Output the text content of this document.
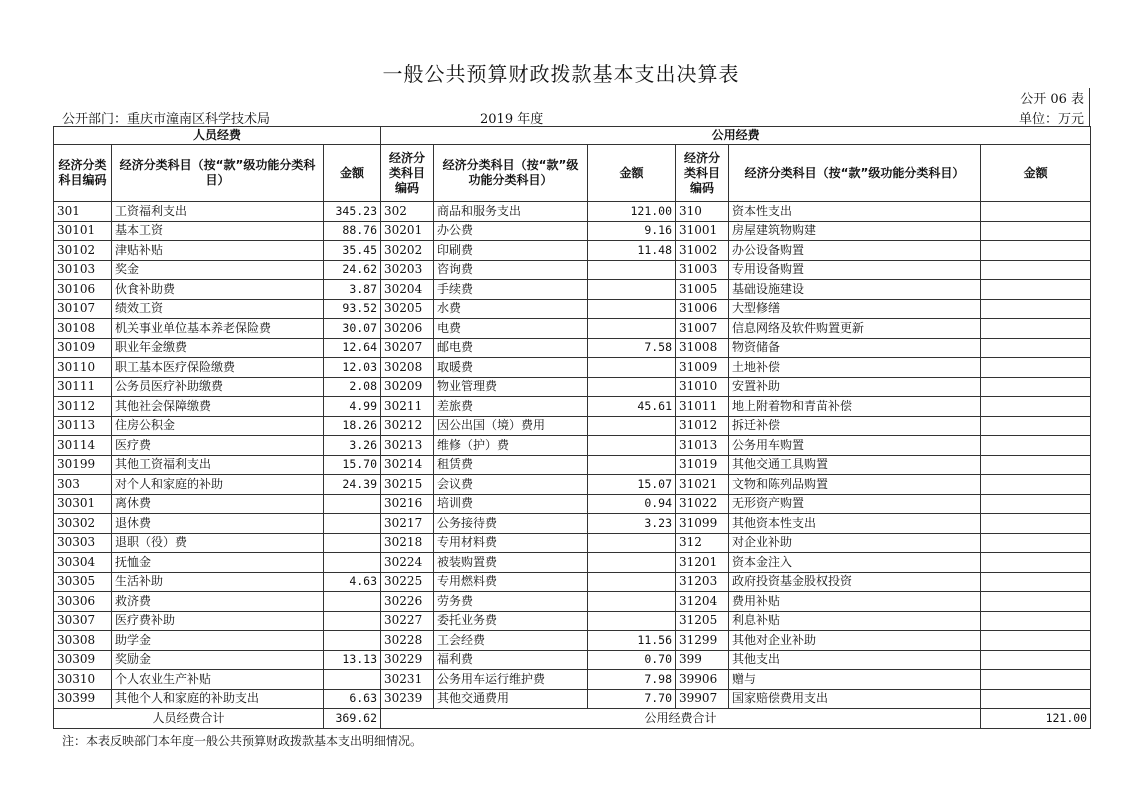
一般公共预算财政拨款基本支出决算表
公开 06 表
公开部门：重庆市潼南区科学技术局	2019 年度	单位：万元
人员经费			公用经费					
经济分类科目编码	经济分类科目（按“款”级功能分类科目）	金额	经济分类科目编码	经济分类科目（按“款”级功能分类科目）	金额	经济分类科目编码	经济分类科目（按“款”级功能分类科目）	金额
301	工资福利支出	345.23	302	商品和服务支出	121.00	310	资本性支出	
30101	基本工资	88.76	30201	办公费	9.16	31001	房屋建筑物购建	
30102	津贴补贴	35.45	30202	印刷费	11.48	31002	办公设备购置	
30103	奖金	24.62	30203	咨询费		31003	专用设备购置	
30106	伙食补助费	3.87	30204	手续费		31005	基础设施建设	
30107	绩效工资	93.52	30205	水费		31006	大型修缮	
30108	机关事业单位基本养老保险费	30.07	30206	电费		31007	信息网络及软件购置更新	
30109	职业年金缴费	12.64	30207	邮电费	7.58	31008	物资储备	
30110	职工基本医疗保险缴费	12.03	30208	取暖费		31009	土地补偿	
30111	公务员医疗补助缴费	2.08	30209	物业管理费		31010	安置补助	
30112	其他社会保障缴费	4.99	30211	差旅费	45.61	31011	地上附着物和青苗补偿	
30113	住房公积金	18.26	30212	因公出国（境）费用		31012	拆迁补偿	
30114	医疗费	3.26	30213	维修（护）费		31013	公务用车购置	
30199	其他工资福利支出	15.70	30214	租赁费		31019	其他交通工具购置	
303	对个人和家庭的补助	24.39	30215	会议费	15.07	31021	文物和陈列品购置	
30301	离休费		30216	培训费	0.94	31022	无形资产购置	
30302	退休费		30217	公务接待费	3.23	31099	其他资本性支出	
30303	退职（役）费		30218	专用材料费		312	对企业补助	
30304	抚恤金		30224	被装购置费		31201	资本金注入	
30305	生活补助	4.63	30225	专用燃料费		31203	政府投资基金股权投资	
30306	救济费		30226	劳务费		31204	费用补贴	
30307	医疗费补助		30227	委托业务费		31205	利息补贴	
30308	助学金		30228	工会经费	11.56	31299	其他对企业补助	
30309	奖励金	13.13	30229	福利费	0.70	399	其他支出	
30310	个人农业生产补贴		30231	公务用车运行维护费	7.98	39906	赠与	
30399	其他个人和家庭的补助支出	6.63	30239	其他交通费用	7.70	39907	国家赔偿费用支出	
人员经费合计		369.62	公用经费合计					121.00
注：本表反映部门本年度一般公共预算财政拨款基本支出明细情况。
